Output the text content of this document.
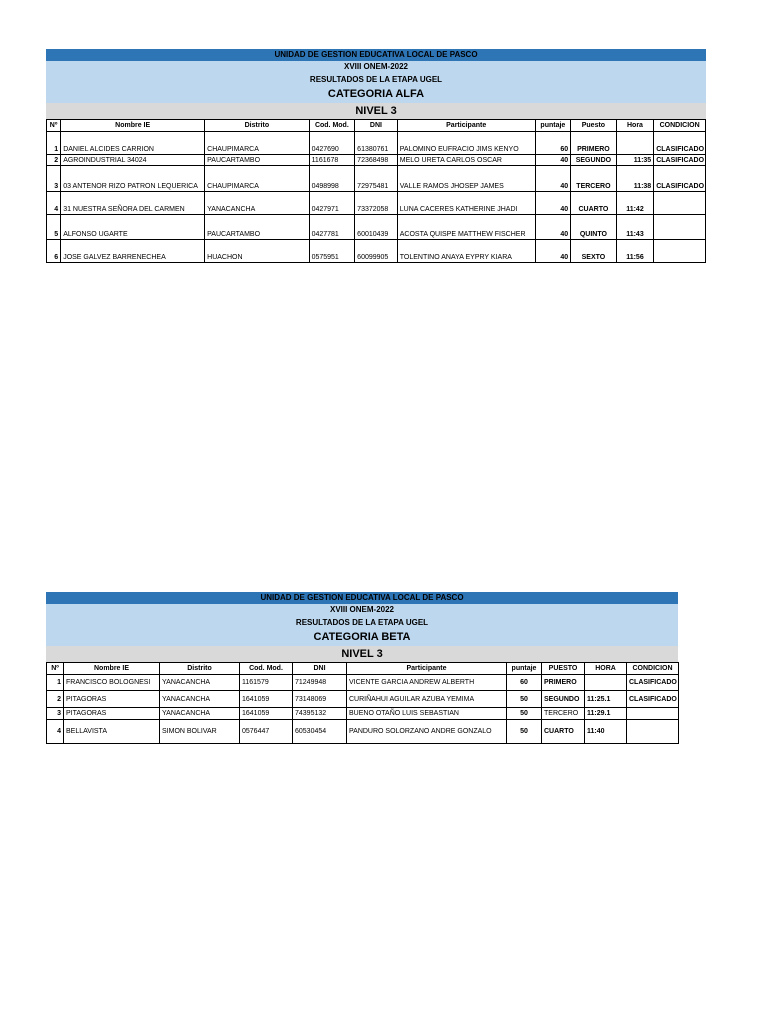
UNIDAD DE GESTION EDUCATIVA LOCAL DE PASCO
XVIII ONEM-2022
RESULTADOS DE LA ETAPA UGEL
CATEGORIA ALFA
NIVEL 3
Nº	Nombre IE	Distrito	Cod. Mod.	DNI	Participante	puntaje	Puesto	Hora	CONDICION
1	DANIEL ALCIDES CARRION	CHAUPIMARCA	0427690	61380761	PALOMINO EUFRACIO JIMS KENYO	60	PRIMERO		CLASIFICADO
2	AGROINDUSTRIAL 34024	PAUCARTAMBO	1161678	72368498	MELO URETA CARLOS OSCAR	40	SEGUNDO	11:35	CLASIFICADO
3	03 ANTENOR RIZO PATRON LEQUERICA	CHAUPIMARCA	0498998	72975481	VALLE RAMOS JHOSEP JAMES	40	TERCERO	11:38	CLASIFICADO
4	31 NUESTRA SEÑORA DEL CARMEN	YANACANCHA	0427971	73372058	LUNA CACERES KATHERINE JHADI	40	CUARTO	11:42	
5	ALFONSO UGARTE	PAUCARTAMBO	0427781	60010439	ACOSTA QUISPE MATTHEW FISCHER	40	QUINTO	11:43	
6	JOSE GALVEZ BARRENECHEA	HUACHON	0575951	60099905	TOLENTINO ANAYA EYPRY KIARA	40	SEXTO	11:56	
UNIDAD DE GESTION EDUCATIVA LOCAL DE PASCO
XVIII ONEM-2022
RESULTADOS DE LA ETAPA UGEL
CATEGORIA BETA
NIVEL 3
Nº	Nombre IE	Distrito	Cod. Mod.	DNI	Participante	puntaje	PUESTO	HORA	CONDICION
1	FRANCISCO BOLOGNESI	YANACANCHA	1161579	71249948	VICENTE GARCIA ANDREW ALBERTH	60	PRIMERO		CLASIFICADO
2	PITAGORAS	YANACANCHA	1641059	73148069	CURIÑAHUI AGUILAR AZUBA YEMIMA	50	SEGUNDO	11:25.1	CLASIFICADO
3	PITAGORAS	YANACANCHA	1641059	74395132	BUENO OTAÑO LUIS SEBASTIAN	50	TERCERO	11:29.1	
4	BELLAVISTA	SIMON BOLIVAR	0576447	60530454	PANDURO SOLORZANO ANDRE GONZALO	50	CUARTO	11:40	
